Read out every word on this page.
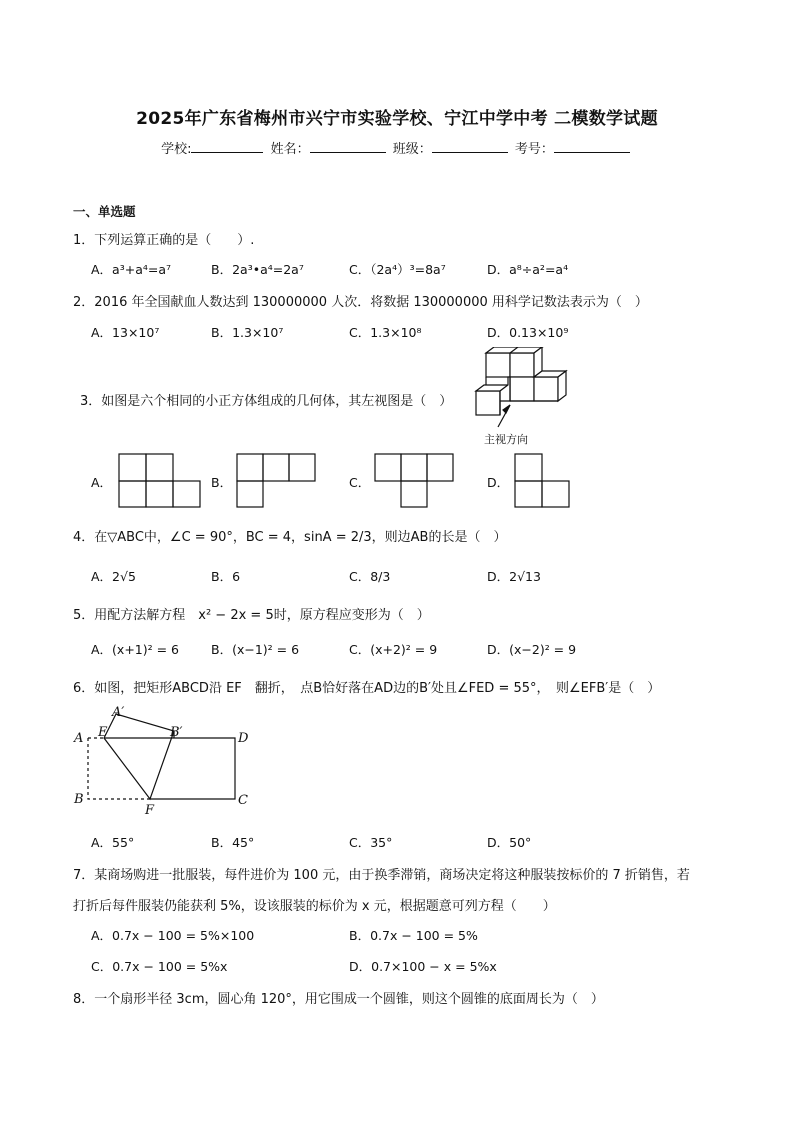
2025年广东省梅州市兴宁市实验学校、宁江中学中考 二模数学试题
学校:	姓名：	班级：	考号：
一、单选题
1．下列运算正确的是（　　）.
A．a³+a⁴=a⁷	B．2a³•a⁴=2a⁷	C．（2a⁴）³=8a⁷	D．a⁸÷a²=a⁴
2．2016 年全国献血人数达到 130000000 人次．将数据 130000000 用科学记数法表示为（　）
A．13×10⁷	B．1.3×10⁷	C．1.3×10⁸	D．0.13×10⁹
3．如图是六个相同的小正方体组成的几何体，其左视图是（　）
主视方向
A．	B．	C．	D．
4．在▽ABC中，∠C = 90°，BC = 4，sinA = 2/3，则边AB的长是（　）
A．2√5	B．6	C．8/3	D．2√13
5．用配方法解方程　x² − 2x = 5时，原方程应变形为（　）
A．(x+1)² = 6	B．(x−1)² = 6	C．(x+2)² = 9	D．(x−2)² = 9
6．如图，把矩形ABCD沿 EF　翻折，　点B恰好落在AD边的B′处且∠FED = 55°，　则∠EFB′是（　）
A′
A E	B′	D
B
F
C
A．55°	B．45°	C．35°	D．50°
7．某商场购进一批服装，每件进价为 100 元，由于换季滞销，商场决定将这种服装按标价的 7 折销售，若
打折后每件服装仍能获利 5%，设该服装的标价为 x 元，根据题意可列方程（　　）
A．0.7x − 100 = 5%×100	B．0.7x − 100 = 5%
C．0.7x − 100 = 5%x	D．0.7×100 − x = 5%x
8．一个扇形半径 3cm，圆心角 120°，用它围成一个圆锥，则这个圆锥的底面周长为（　）
